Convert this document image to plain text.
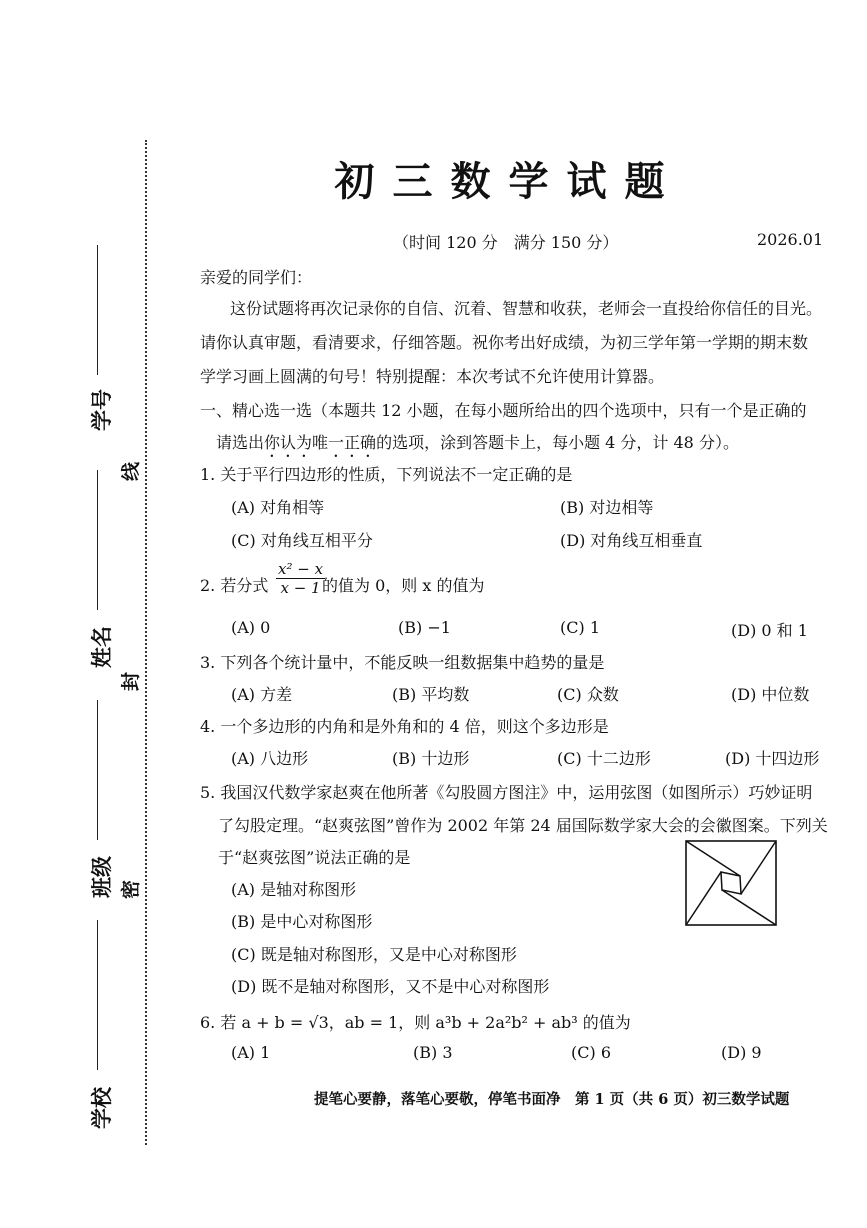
学号
姓名
班级
学校
线
封
密
初三数学试题
（时间 120 分　满分 150 分）	2026.01
亲爱的同学们：
这份试题将再次记录你的自信、沉着、智慧和收获，老师会一直投给你信任的目光。
请你认真审题，看清要求，仔细答题。祝你考出好成绩，为初三学年第一学期的期末数
学学习画上圆满的句号！特别提醒：本次考试不允许使用计算器。
一、精心选一选（本题共 12 小题，在每小题所给出的四个选项中，只有一个是正确的
请选出你认为唯一正确的选项，涂到答题卡上，每小题 4 分，计 48 分）。
1. 关于平行四边形的性质，下列说法不一定正确的是
(A) 对角相等	(B) 对边相等
(C) 对角线互相平分	(D) 对角线互相垂直
2. 若分式 $\frac{\text{x² − x}}{x - 1}$
的值为 0，则 x 的值为
(A) 0	(B) −1	(C) 1	(D) 0 和 1
3. 下列各个统计量中，不能反映一组数据集中趋势的量是
(A) 方差	(B) 平均数	(C) 众数	(D) 中位数
4. 一个多边形的内角和是外角和的 4 倍，则这个多边形是
(A) 八边形	(B) 十边形	(C) 十二边形	(D) 十四边形
5. 我国汉代数学家赵爽在他所著《勾股圆方图注》中，运用弦图（如图所示）巧妙证明
了勾股定理。“赵爽弦图”曾作为 2002 年第 24 届国际数学家大会的会徽图案。下列关
于“赵爽弦图”说法正确的是
(A) 是轴对称图形
(B) 是中心对称图形
(C) 既是轴对称图形，又是中心对称图形
(D) 既不是轴对称图形，又不是中心对称图形
6. 若 a + b = √3，ab = 1，则 a³b + 2a²b² + ab³ 的值为
(A) 1	(B) 3	(C) 6	(D) 9
提笔心要静，落笔心要敬，停笔书面净　第 1 页（共 6 页）初三数学试题
